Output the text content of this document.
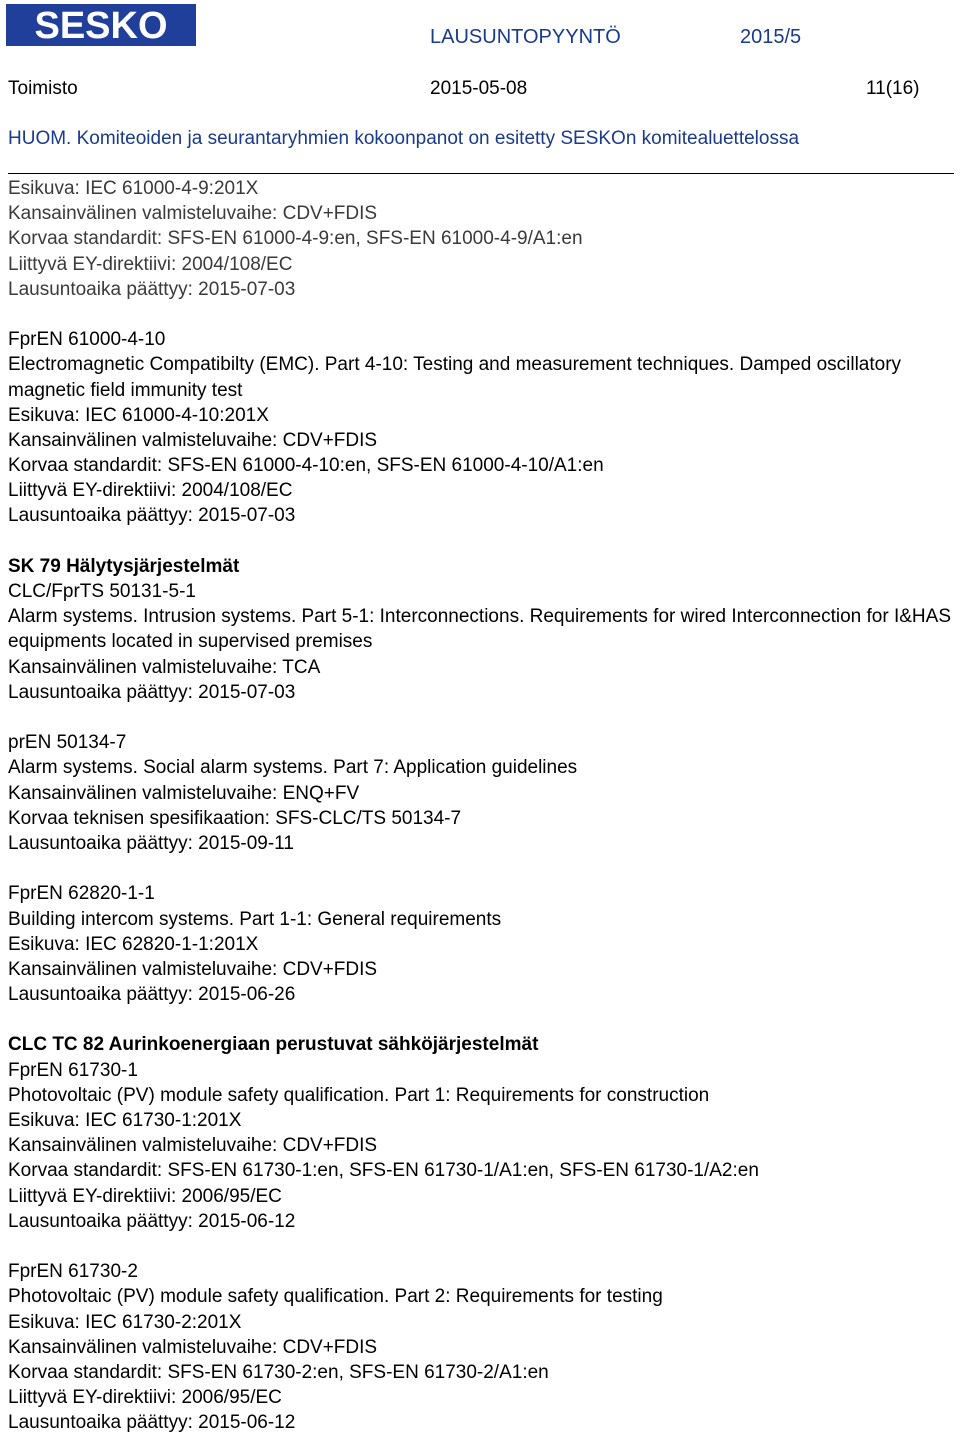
SESKO	LAUSUNTOPYYNTÖ	2015/5
Toimisto	2015-05-08	11(16)
HUOM. Komiteoiden ja seurantaryhmien kokoonpanot on esitetty SESKOn komitealuettelossa
Esikuva: IEC 61000-4-9:201X
Kansainvälinen valmisteluvaihe: CDV+FDIS
Korvaa standardit: SFS-EN 61000-4-9:en, SFS-EN 61000-4-9/A1:en
Liittyvä EY-direktiivi: 2004/108/EC
Lausuntoaika päättyy: 2015-07-03
FprEN 61000-4-10
Electromagnetic Compatibilty (EMC). Part 4-10: Testing and measurement techniques. Damped oscillatory magnetic field immunity test
Esikuva: IEC 61000-4-10:201X
Kansainvälinen valmisteluvaihe: CDV+FDIS
Korvaa standardit: SFS-EN 61000-4-10:en, SFS-EN 61000-4-10/A1:en
Liittyvä EY-direktiivi: 2004/108/EC
Lausuntoaika päättyy: 2015-07-03
SK 79 Hälytysjärjestelmät
CLC/FprTS 50131-5-1
Alarm systems. Intrusion systems. Part 5-1: Interconnections. Requirements for wired Interconnection for I&HAS equipments located in supervised premises
Kansainvälinen valmisteluvaihe: TCA
Lausuntoaika päättyy: 2015-07-03
prEN 50134-7
Alarm systems. Social alarm systems. Part 7: Application guidelines
Kansainvälinen valmisteluvaihe: ENQ+FV
Korvaa teknisen spesifikaation: SFS-CLC/TS 50134-7
Lausuntoaika päättyy: 2015-09-11
FprEN 62820-1-1
Building intercom systems. Part 1-1: General requirements
Esikuva: IEC 62820-1-1:201X
Kansainvälinen valmisteluvaihe: CDV+FDIS
Lausuntoaika päättyy: 2015-06-26
CLC TC 82 Aurinkoenergiaan perustuvat sähköjärjestelmät
FprEN 61730-1
Photovoltaic (PV) module safety qualification. Part 1: Requirements for construction
Esikuva: IEC 61730-1:201X
Kansainvälinen valmisteluvaihe: CDV+FDIS
Korvaa standardit: SFS-EN 61730-1:en, SFS-EN 61730-1/A1:en, SFS-EN 61730-1/A2:en
Liittyvä EY-direktiivi: 2006/95/EC
Lausuntoaika päättyy: 2015-06-12
FprEN 61730-2
Photovoltaic (PV) module safety qualification. Part 2: Requirements for testing
Esikuva: IEC 61730-2:201X
Kansainvälinen valmisteluvaihe: CDV+FDIS
Korvaa standardit: SFS-EN 61730-2:en, SFS-EN 61730-2/A1:en
Liittyvä EY-direktiivi: 2006/95/EC
Lausuntoaika päättyy: 2015-06-12
